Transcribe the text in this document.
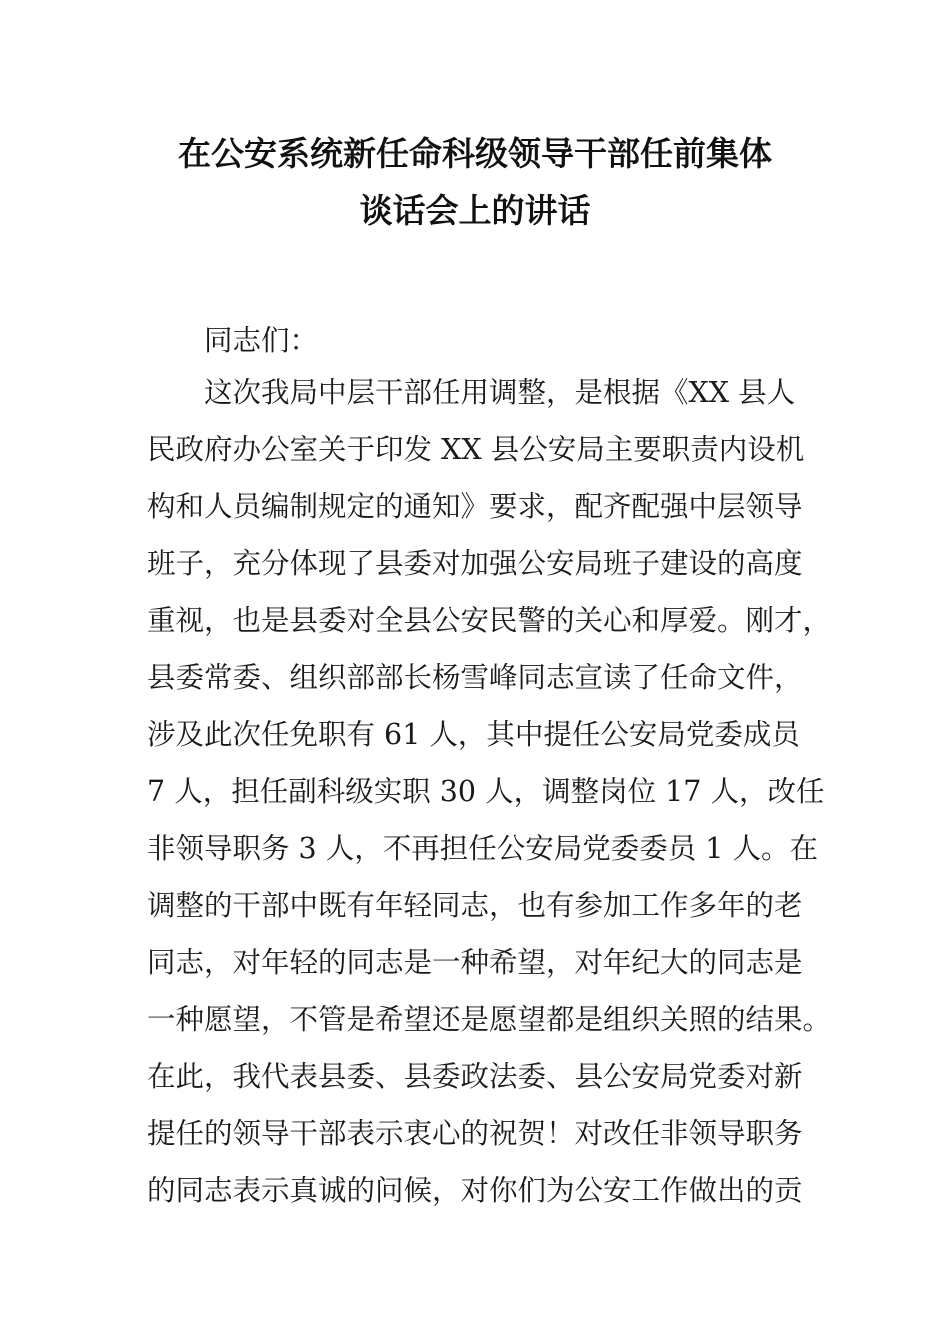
在公安系统新任命科级领导干部任前集体
谈话会上的讲话
同志们：
这次我局中层干部任用调整，是根据《XX 县人
民政府办公室关于印发 XX 县公安局主要职责内设机
构和人员编制规定的通知》要求，配齐配强中层领导
班子，充分体现了县委对加强公安局班子建设的高度
重视，也是县委对全县公安民警的关心和厚爱。刚才，
县委常委、组织部部长杨雪峰同志宣读了任命文件，
涉及此次任免职有 61 人，其中提任公安局党委成员
7 人，担任副科级实职 30 人，调整岗位 17 人，改任
非领导职务 3 人，不再担任公安局党委委员 1 人。在
调整的干部中既有年轻同志，也有参加工作多年的老
同志，对年轻的同志是一种希望，对年纪大的同志是
一种愿望，不管是希望还是愿望都是组织关照的结果。
在此，我代表县委、县委政法委、县公安局党委对新
提任的领导干部表示衷心的祝贺！对改任非领导职务
的同志表示真诚的问候，对你们为公安工作做出的贡
